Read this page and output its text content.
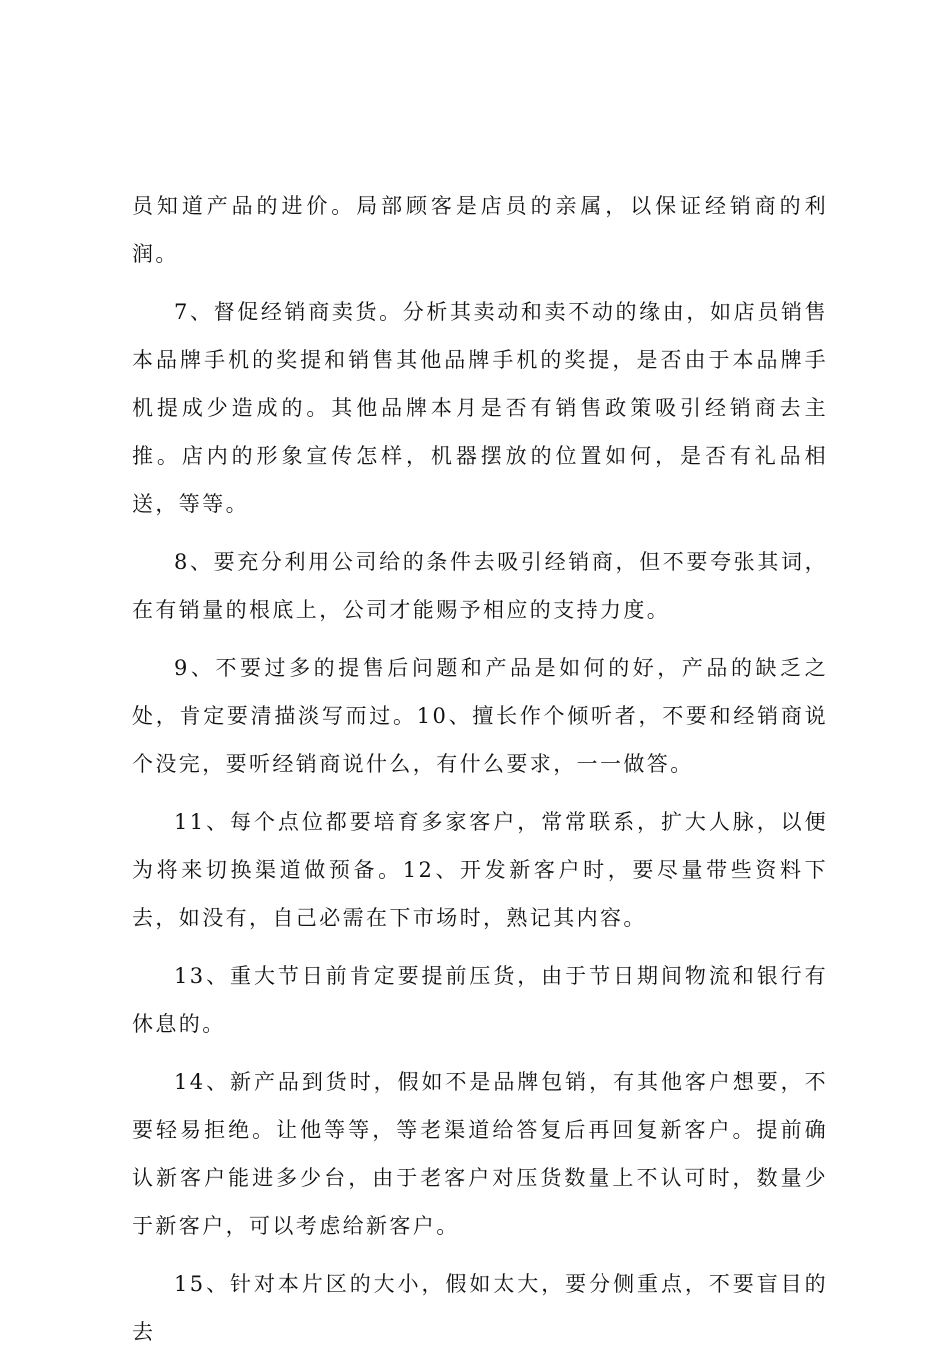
员知道产品的进价。局部顾客是店员的亲属，以保证经销商的利润。

7、督促经销商卖货。分析其卖动和卖不动的缘由，如店员销售本品牌手机的奖提和销售其他品牌手机的奖提，是否由于本品牌手机提成少造成的。其他品牌本月是否有销售政策吸引经销商去主推。店内的形象宣传怎样，机器摆放的位置如何，是否有礼品相送，等等。

8、要充分利用公司给的条件去吸引经销商，但不要夸张其词，在有销量的根底上，公司才能赐予相应的支持力度。

9、不要过多的提售后问题和产品是如何的好，产品的缺乏之处，肯定要清描淡写而过。10、擅长作个倾听者，不要和经销商说个没完，要听经销商说什么，有什么要求，一一做答。

11、每个点位都要培育多家客户，常常联系，扩大人脉，以便为将来切换渠道做预备。12、开发新客户时，要尽量带些资料下去，如没有，自己必需在下市场时，熟记其内容。

13、重大节日前肯定要提前压货，由于节日期间物流和银行有休息的。

14、新产品到货时，假如不是品牌包销，有其他客户想要，不要轻易拒绝。让他等等，等老渠道给答复后再回复新客户。提前确认新客户能进多少台，由于老客户对压货数量上不认可时，数量少于新客户，可以考虑给新客户。

15、针对本片区的大小，假如太大，要分侧重点，不要盲目的去
